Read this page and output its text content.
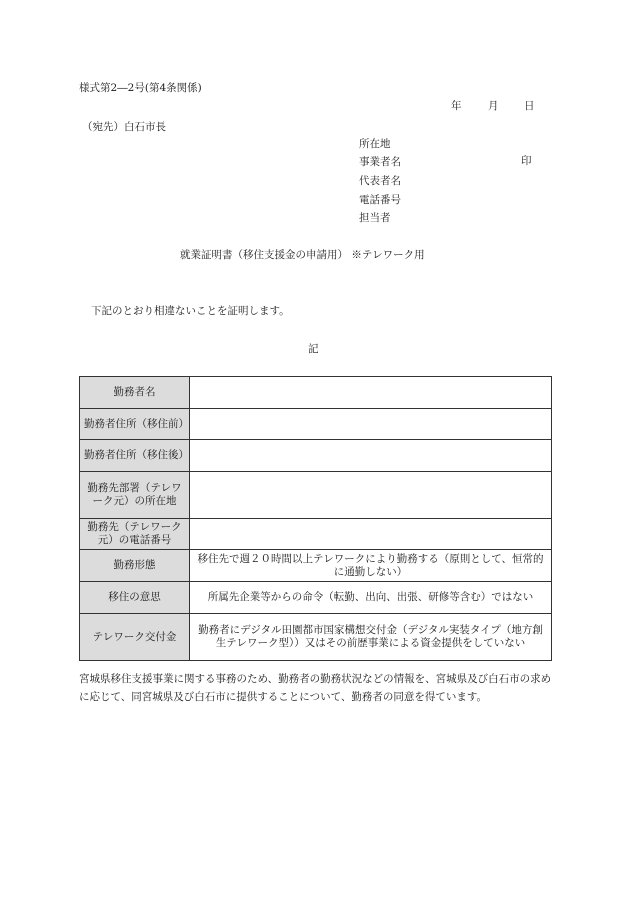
様式第2―2号(第4条関係)
年	月 日
（宛先）白石市長
所在地
事業者名
代表者名
電話番号
担当者
印
就業証明書（移住支援金の申請用） ※テレワーク用
下記のとおり相違ないことを証明します。
記
勤務者名	
勤務者住所（移住前）	
勤務者住所（移住後）	
勤務先部署（テレワーク元）の所在地	
勤務先（テレワーク元）の電話番号	
勤務形態	移住先で週２０時間以上テレワークにより勤務する（原則として、恒常的に通勤しない）
移住の意思	所属先企業等からの命令（転勤、出向、出張、研修等含む）ではない
テレワーク交付金	勤務者にデジタル田園都市国家構想交付金（デジタル実装タイプ（地方創生テレワーク型））又はその前歴事業による資金提供をしていない
宮城県移住支援事業に関する事務のため、勤務者の勤務状況などの情報を、宮城県及び白石市の求めに応じて、同宮城県及び白石市に提供することについて、勤務者の同意を得ています。
